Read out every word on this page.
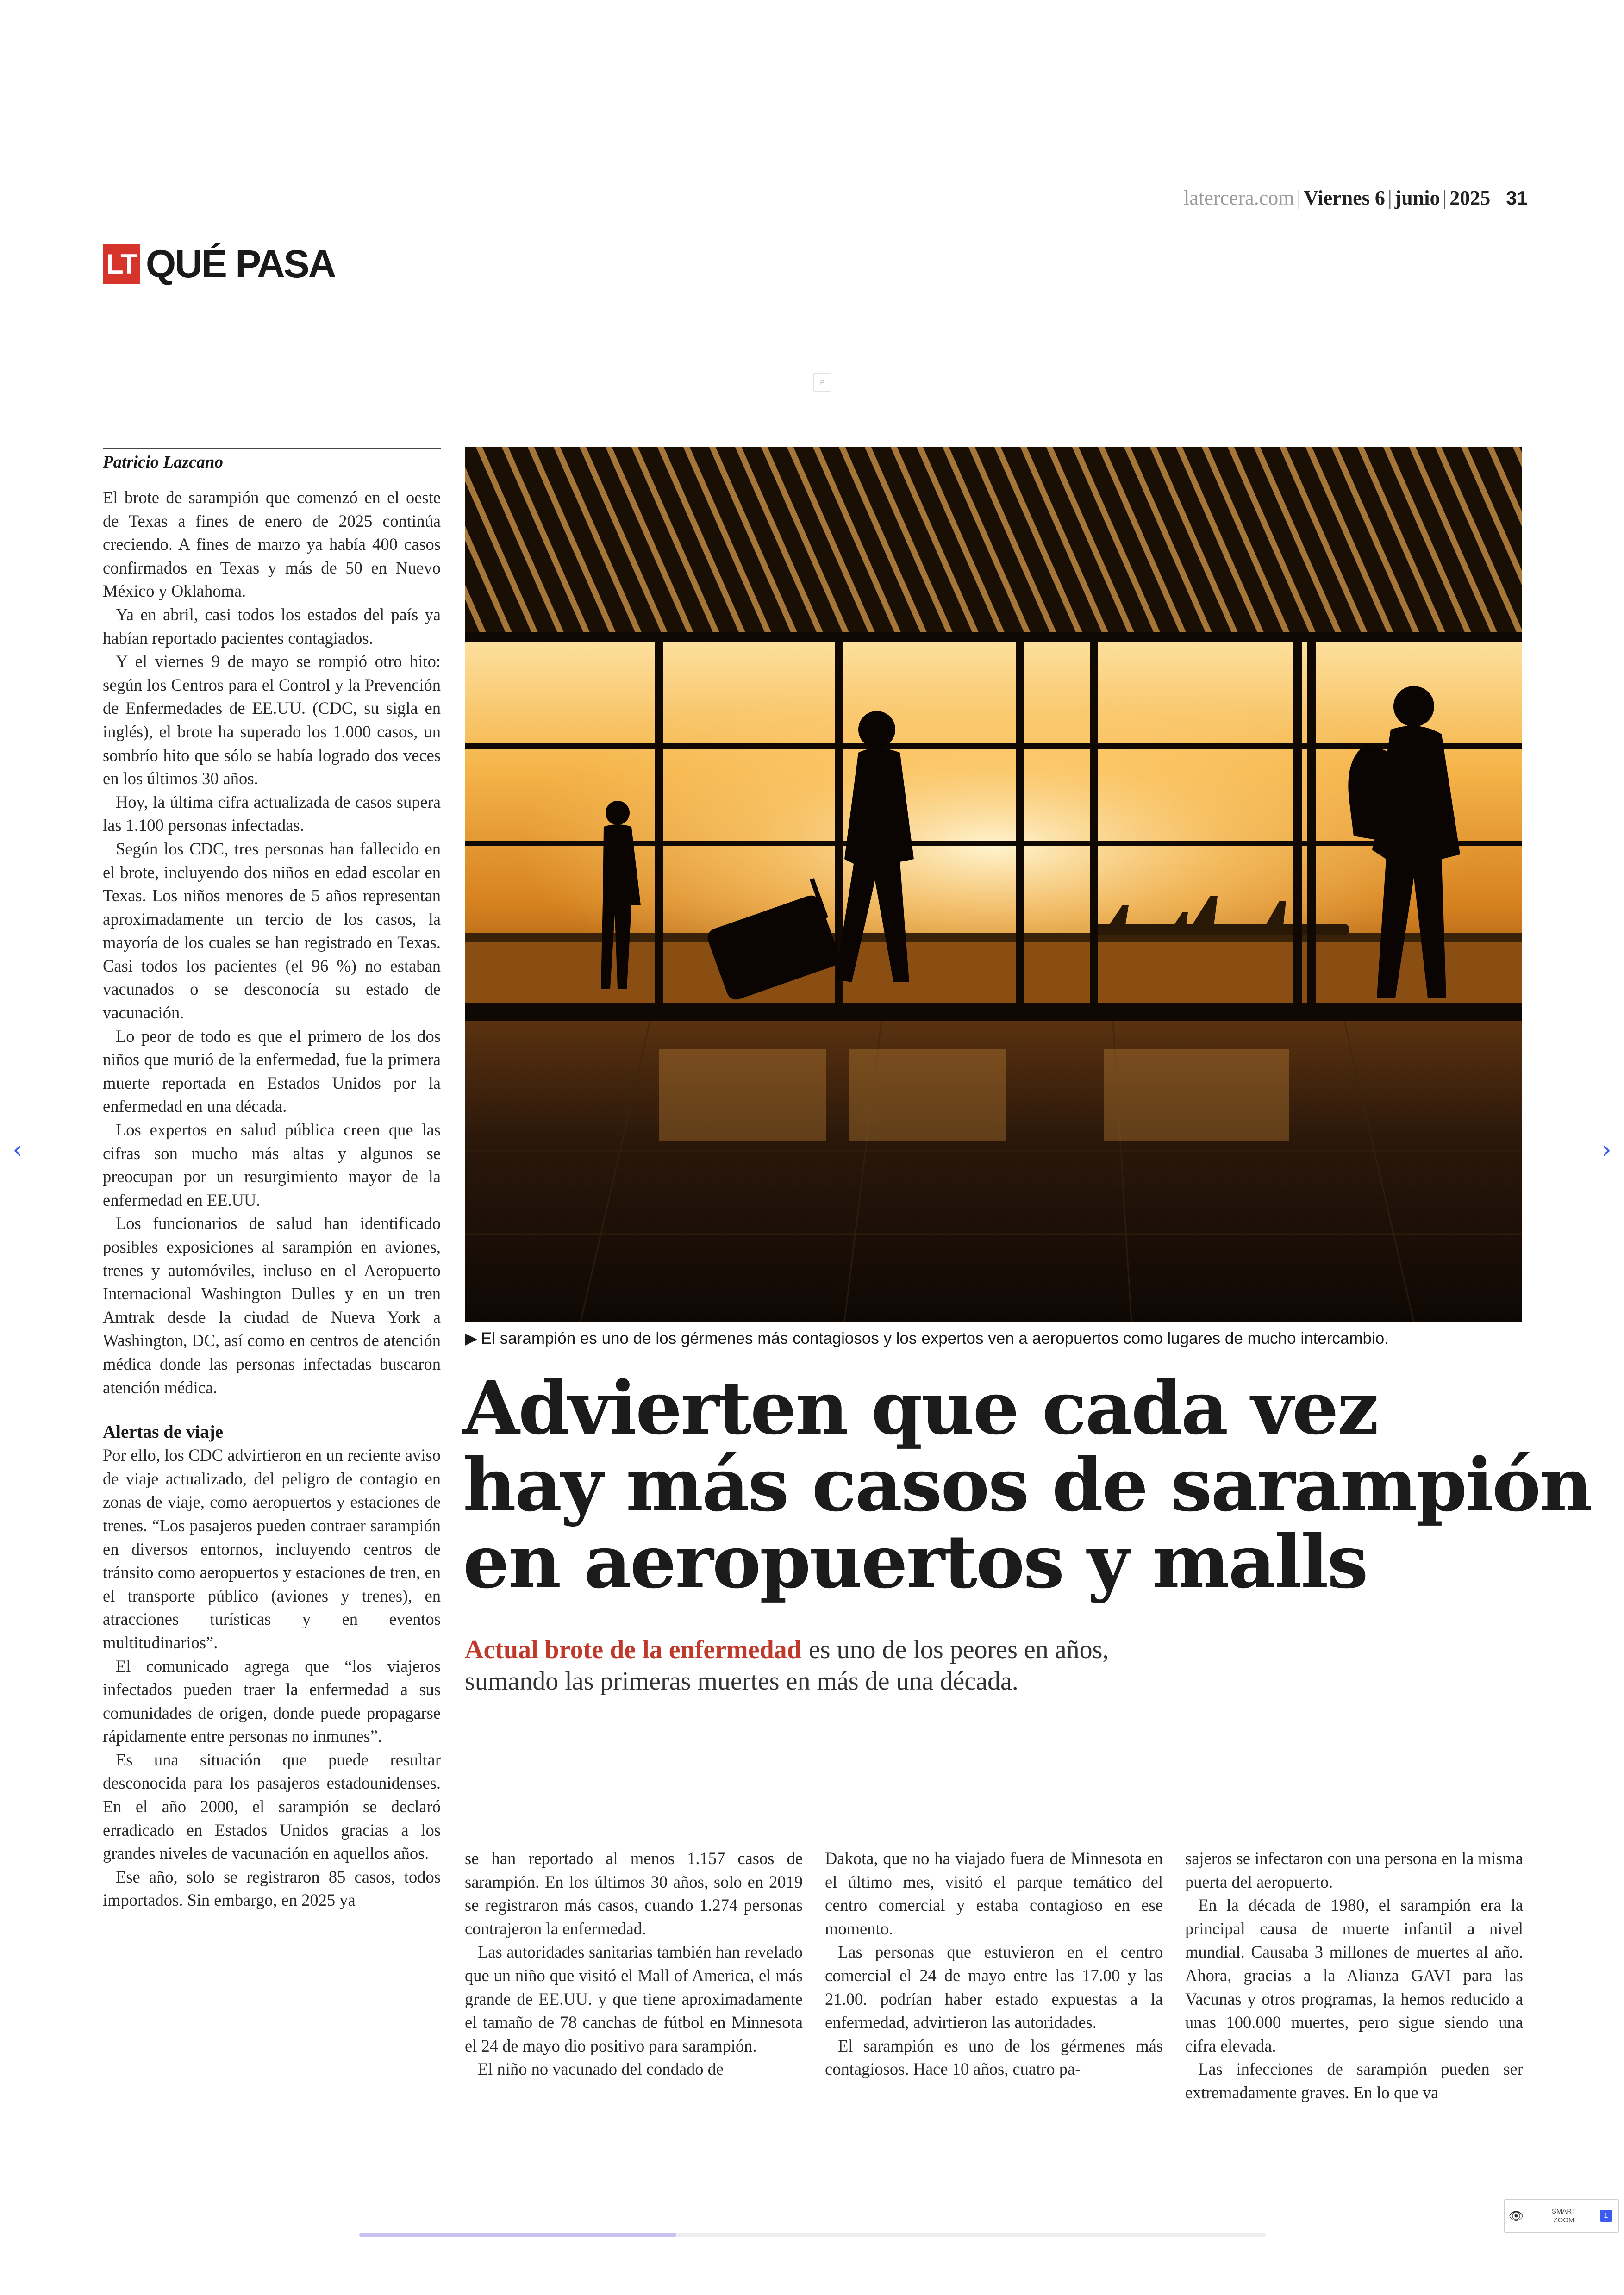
latercera.com | Viernes 6 | junio | 2025 31
LT QUÉ PASA
P
Patricio Lazcano

El brote de sarampión que comenzó en el oeste de Texas a fines de enero de 2025 continúa creciendo. A fines de marzo ya había 400 casos confirmados en Texas y más de 50 en Nuevo México y Oklahoma.

Ya en abril, casi todos los estados del país ya habían reportado pacientes contagiados.

Y el viernes 9 de mayo se rompió otro hito: según los Centros para el Control y la Prevención de Enfermedades de EE.UU. (CDC, su sigla en inglés), el brote ha superado los 1.000 casos, un sombrío hito que sólo se había logrado dos veces en los últimos 30 años.

Hoy, la última cifra actualizada de casos supera las 1.100 personas infectadas.

Según los CDC, tres personas han fallecido en el brote, incluyendo dos niños en edad escolar en Texas. Los niños menores de 5 años representan aproximadamente un tercio de los casos, la mayoría de los cuales se han registrado en Texas. Casi todos los pacientes (el 96 %) no estaban vacunados o se desconocía su estado de vacunación.

Lo peor de todo es que el primero de los dos niños que murió de la enfermedad, fue la primera muerte reportada en Estados Unidos por la enfermedad en una década.

Los expertos en salud pública creen que las cifras son mucho más altas y algunos se preocupan por un resurgimiento mayor de la enfermedad en EE.UU.

Los funcionarios de salud han identificado posibles exposiciones al sarampión en aviones, trenes y automóviles, incluso en el Aeropuerto Internacional Washington Dulles y en un tren Amtrak desde la ciudad de Nueva York a Washington, DC, así como en centros de atención médica donde las personas infectadas buscaron atención médica.

Alertas de viaje

Por ello, los CDC advirtieron en un reciente aviso de viaje actualizado, del peligro de contagio en zonas de viaje, como aeropuertos y estaciones de trenes. “Los pasajeros pueden contraer sarampión en diversos entornos, incluyendo centros de tránsito como aeropuertos y estaciones de tren, en el transporte público (aviones y trenes), en atracciones turísticas y en eventos multitudinarios”.

El comunicado agrega que “los viajeros infectados pueden traer la enfermedad a sus comunidades de origen, donde puede propagarse rápidamente entre personas no inmunes”.

Es una situación que puede resultar desconocida para los pasajeros estadounidenses. En el año 2000, el sarampión se declaró erradicado en Estados Unidos gracias a los grandes niveles de vacunación en aquellos años.

Ese año, solo se registraron 85 casos, todos importados. Sin embargo, en 2025 ya

▶ El sarampión es uno de los gérmenes más contagiosos y los expertos ven a aeropuertos como lugares de mucho intercambio.
Advierten que cada vez
hay más casos de sarampión
en aeropuertos y malls
Actual brote de la enfermedad es uno de los peores en años, sumando las primeras muertes en más de una década.

se han reportado al menos 1.157 casos de sarampión. En los últimos 30 años, solo en 2019 se registraron más casos, cuando 1.274 personas contrajeron la enfermedad.

Las autoridades sanitarias también han revelado que un niño que visitó el Mall of America, el más grande de EE.UU. y que tiene aproximadamente el tamaño de 78 canchas de fútbol en Minnesota el 24 de mayo dio positivo para sarampión.

El niño no vacunado del condado de

Dakota, que no ha viajado fuera de Minnesota en el último mes, visitó el parque temático del centro comercial y estaba contagioso en ese momento.

Las personas que estuvieron en el centro comercial el 24 de mayo entre las 17.00 y las 21.00. podrían haber estado expuestas a la enfermedad, advirtieron las autoridades.

El sarampión es uno de los gérmenes más contagiosos. Hace 10 años, cuatro pa-

sajeros se infectaron con una persona en la misma puerta del aeropuerto.

En la década de 1980, el sarampión era la principal causa de muerte infantil a nivel mundial. Causaba 3 millones de muertes al año. Ahora, gracias a la Alianza GAVI para las Vacunas y otros programas, la hemos reducido a unas 100.000 muertes, pero sigue siendo una cifra elevada.

Las infecciones de sarampión pueden ser extremadamente graves. En lo que va

‹	›
👁	SMART
ZOOM
1
